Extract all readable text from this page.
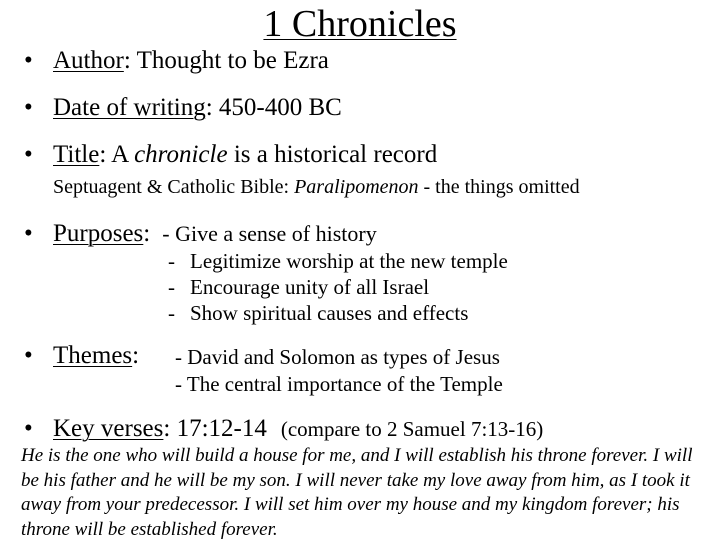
1 Chronicles
• Author: Thought to be Ezra
• Date of writing: 450-400 BC
• Title: A chronicle is a historical record
Septuagent & Catholic Bible: Paralipomenon - the things omitted
• Purposes: - Give a sense of history
- Legitimize worship at the new temple
- Encourage unity of all Israel
- Show spiritual causes and effects
• Themes: - David and Solomon as types of Jesus
- The central importance of the Temple
• Key verses: 17:12-14 (compare to 2 Samuel 7:13-16)
He is the one who will build a house for me, and I will establish his throne forever. I will be his father and he will be my son. I will never take my love away from him, as I took it away from your predecessor. I will set him over my house and my kingdom forever; his throne will be established forever.
